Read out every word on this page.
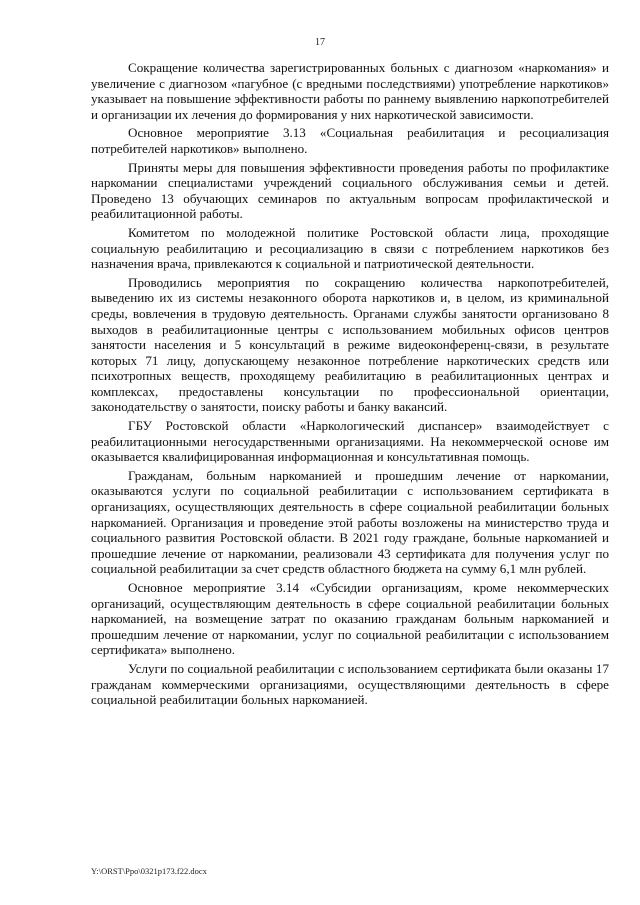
17

Сокращение количества зарегистрированных больных с диагнозом «наркомания» и увеличение с диагнозом «пагубное (с вредными последствиями) употребление наркотиков» указывает на повышение эффективности работы по раннему выявлению наркопотребителей и организации их лечения до формирования у них наркотической зависимости.

Основное мероприятие 3.13 «Социальная реабилитация и ресоциализация потребителей наркотиков» выполнено.

Приняты меры для повышения эффективности проведения работы по профилактике наркомании специалистами учреждений социального обслуживания семьи и детей. Проведено 13 обучающих семинаров по актуальным вопросам профилактической и реабилитационной работы.

Комитетом по молодежной политике Ростовской области лица, проходящие социальную реабилитацию и ресоциализацию в связи с потреблением наркотиков без назначения врача, привлекаются к социальной и патриотической деятельности.

Проводились мероприятия по сокращению количества наркопотребителей, выведению их из системы незаконного оборота наркотиков и, в целом, из криминальной среды, вовлечения в трудовую деятельность. Органами службы занятости организовано 8 выходов в реабилитационные центры с использованием мобильных офисов центров занятости населения и 5 консультаций в режиме видеоконференц-связи, в результате которых 71 лицу, допускающему незаконное потребление наркотических средств или психотропных веществ, проходящему реабилитацию в реабилитационных центрах и комплексах, предоставлены консультации по профессиональной ориентации, законодательству о занятости, поиску работы и банку вакансий.

ГБУ Ростовской области «Наркологический диспансер» взаимодействует с реабилитационными негосударственными организациями. На некоммерческой основе им оказывается квалифицированная информационная и консультативная помощь.

Гражданам, больным наркоманией и прошедшим лечение от наркомании, оказываются услуги по социальной реабилитации с использованием сертификата в организациях, осуществляющих деятельность в сфере социальной реабилитации больных наркоманией. Организация и проведение этой работы возложены на министерство труда и социального развития Ростовской области. В 2021 году граждане, больные наркоманией и прошедшие лечение от наркомании, реализовали 43 сертификата для получения услуг по социальной реабилитации за счет средств областного бюджета на сумму 6,1 млн рублей.

Основное мероприятие 3.14 «Субсидии организациям, кроме некоммерческих организаций, осуществляющим деятельность в сфере социальной реабилитации больных наркоманией, на возмещение затрат по оказанию гражданам больным наркоманией и прошедшим лечение от наркомании, услуг по социальной реабилитации с использованием сертификата» выполнено.

Услуги по социальной реабилитации с использованием сертификата были оказаны 17 гражданам коммерческими организациями, осуществляющими деятельность в сфере социальной реабилитации больных наркоманией.

Y:\ORST\Ppo\0321p173.f22.docx
